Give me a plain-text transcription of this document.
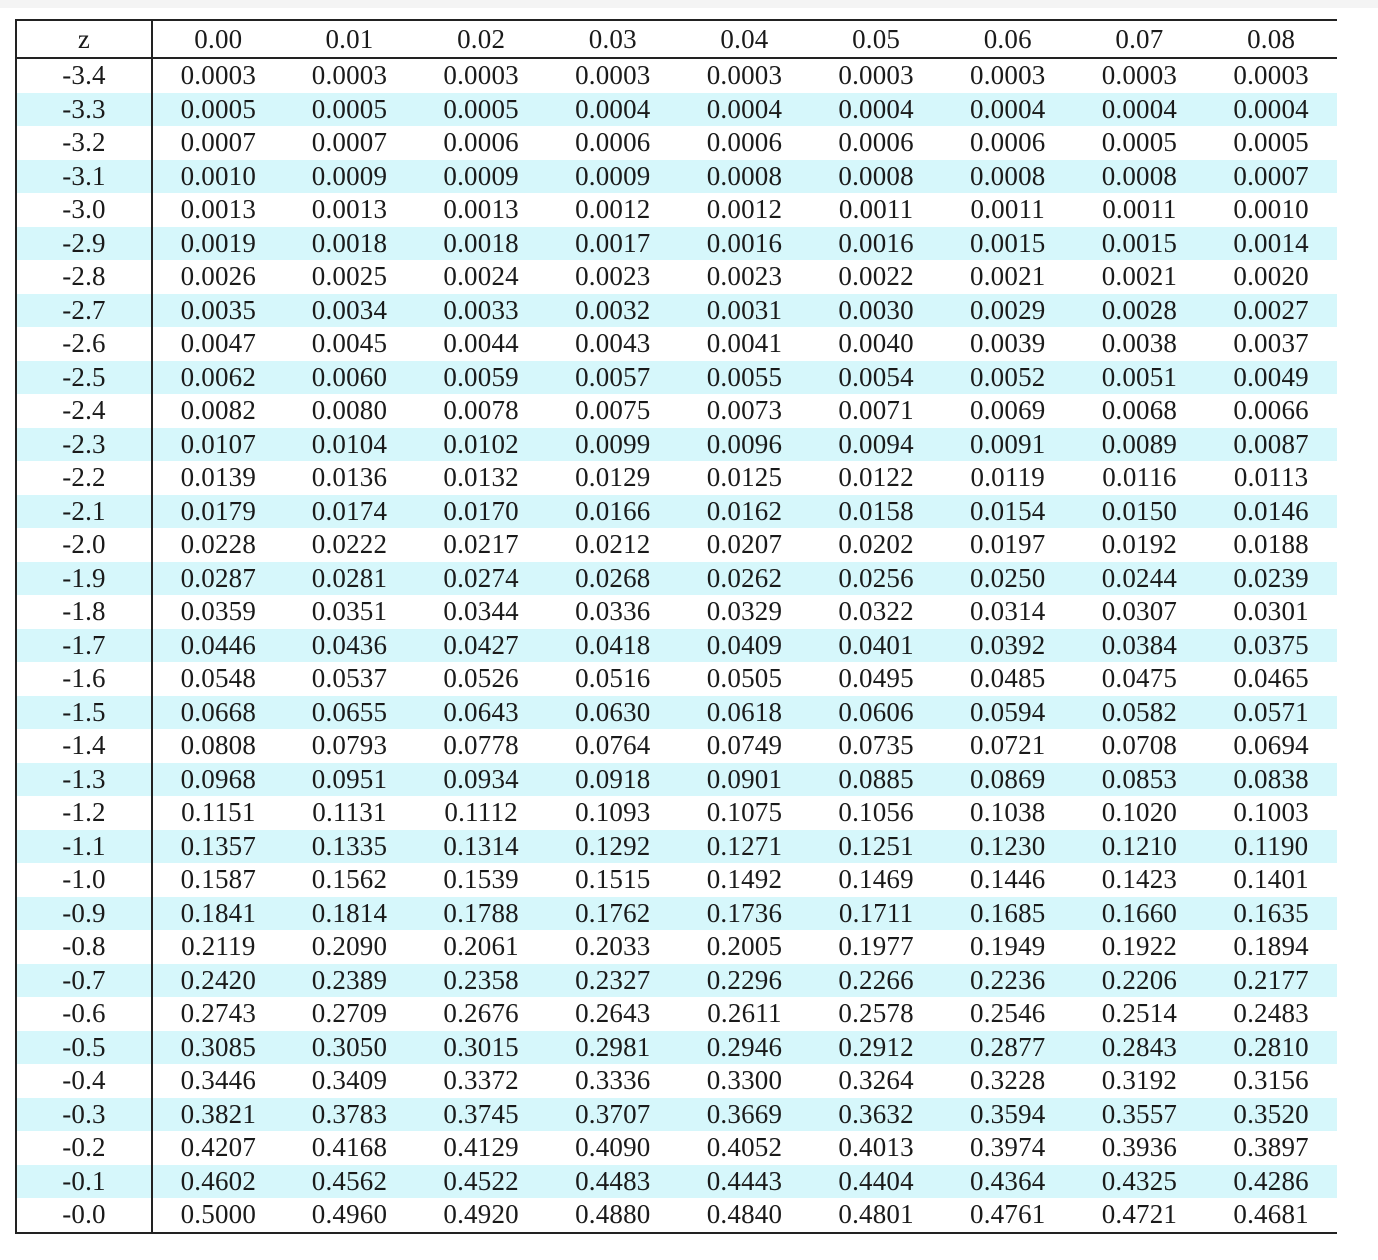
z	0.00	0.01	0.02	0.03	0.04	0.05	0.06	0.07	0.08
-3.4	0.0003	0.0003	0.0003	0.0003	0.0003	0.0003	0.0003	0.0003	0.0003
-3.3	0.0005	0.0005	0.0005	0.0004	0.0004	0.0004	0.0004	0.0004	0.0004
-3.2	0.0007	0.0007	0.0006	0.0006	0.0006	0.0006	0.0006	0.0005	0.0005
-3.1	0.0010	0.0009	0.0009	0.0009	0.0008	0.0008	0.0008	0.0008	0.0007
-3.0	0.0013	0.0013	0.0013	0.0012	0.0012	0.0011	0.0011	0.0011	0.0010
-2.9	0.0019	0.0018	0.0018	0.0017	0.0016	0.0016	0.0015	0.0015	0.0014
-2.8	0.0026	0.0025	0.0024	0.0023	0.0023	0.0022	0.0021	0.0021	0.0020
-2.7	0.0035	0.0034	0.0033	0.0032	0.0031	0.0030	0.0029	0.0028	0.0027
-2.6	0.0047	0.0045	0.0044	0.0043	0.0041	0.0040	0.0039	0.0038	0.0037
-2.5	0.0062	0.0060	0.0059	0.0057	0.0055	0.0054	0.0052	0.0051	0.0049
-2.4	0.0082	0.0080	0.0078	0.0075	0.0073	0.0071	0.0069	0.0068	0.0066
-2.3	0.0107	0.0104	0.0102	0.0099	0.0096	0.0094	0.0091	0.0089	0.0087
-2.2	0.0139	0.0136	0.0132	0.0129	0.0125	0.0122	0.0119	0.0116	0.0113
-2.1	0.0179	0.0174	0.0170	0.0166	0.0162	0.0158	0.0154	0.0150	0.0146
-2.0	0.0228	0.0222	0.0217	0.0212	0.0207	0.0202	0.0197	0.0192	0.0188
-1.9	0.0287	0.0281	0.0274	0.0268	0.0262	0.0256	0.0250	0.0244	0.0239
-1.8	0.0359	0.0351	0.0344	0.0336	0.0329	0.0322	0.0314	0.0307	0.0301
-1.7	0.0446	0.0436	0.0427	0.0418	0.0409	0.0401	0.0392	0.0384	0.0375
-1.6	0.0548	0.0537	0.0526	0.0516	0.0505	0.0495	0.0485	0.0475	0.0465
-1.5	0.0668	0.0655	0.0643	0.0630	0.0618	0.0606	0.0594	0.0582	0.0571
-1.4	0.0808	0.0793	0.0778	0.0764	0.0749	0.0735	0.0721	0.0708	0.0694
-1.3	0.0968	0.0951	0.0934	0.0918	0.0901	0.0885	0.0869	0.0853	0.0838
-1.2	0.1151	0.1131	0.1112	0.1093	0.1075	0.1056	0.1038	0.1020	0.1003
-1.1	0.1357	0.1335	0.1314	0.1292	0.1271	0.1251	0.1230	0.1210	0.1190
-1.0	0.1587	0.1562	0.1539	0.1515	0.1492	0.1469	0.1446	0.1423	0.1401
-0.9	0.1841	0.1814	0.1788	0.1762	0.1736	0.1711	0.1685	0.1660	0.1635
-0.8	0.2119	0.2090	0.2061	0.2033	0.2005	0.1977	0.1949	0.1922	0.1894
-0.7	0.2420	0.2389	0.2358	0.2327	0.2296	0.2266	0.2236	0.2206	0.2177
-0.6	0.2743	0.2709	0.2676	0.2643	0.2611	0.2578	0.2546	0.2514	0.2483
-0.5	0.3085	0.3050	0.3015	0.2981	0.2946	0.2912	0.2877	0.2843	0.2810
-0.4	0.3446	0.3409	0.3372	0.3336	0.3300	0.3264	0.3228	0.3192	0.3156
-0.3	0.3821	0.3783	0.3745	0.3707	0.3669	0.3632	0.3594	0.3557	0.3520
-0.2	0.4207	0.4168	0.4129	0.4090	0.4052	0.4013	0.3974	0.3936	0.3897
-0.1	0.4602	0.4562	0.4522	0.4483	0.4443	0.4404	0.4364	0.4325	0.4286
-0.0	0.5000	0.4960	0.4920	0.4880	0.4840	0.4801	0.4761	0.4721	0.4681
